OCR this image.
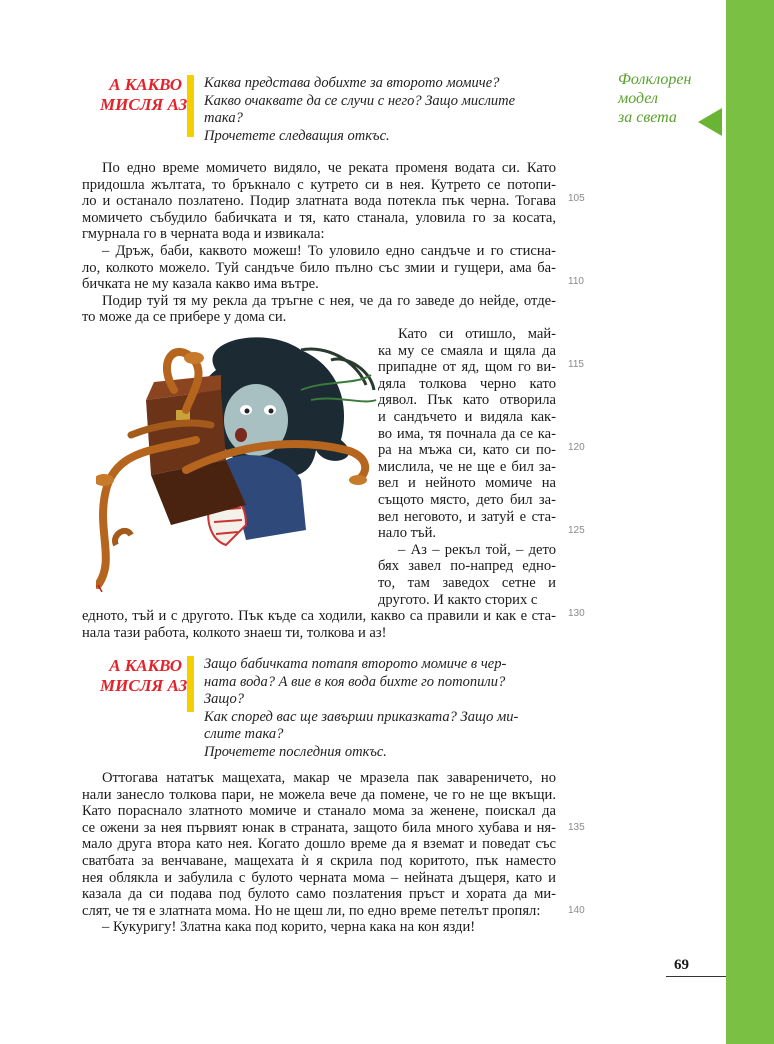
Фолклорен
модел
за света
А КАКВО
МИСЛЯ АЗ
Каква представа добихте за второто момиче?
Какво очаквате да се случи с него? Защо мислите
така?
Прочетете следващия откъс.
По едно време момичето видяло, че реката променя водата си. Като
придошла жълтата, то бръкнало с кутрето си в нея. Кутрето се потопи-
ло и останало позлатено. Подир златната вода потекла пък черна. Тогава
момичето събудило бабичката и тя, като станала, уловила го за косата,
гмурнала го в черната вода и извикала:
– Дръж, баби, каквото можеш! То уловило едно сандъче и го стисна-
ло, колкото можело. Туй сандъче било пълно със змии и гущери, ама ба-
бичката не му казала какво има вътре.
Подир туй тя му рекла да тръгне с нея, че да го заведе до нейде, отде-
то може да се прибере у дома си.
Като си отишло, май-
ка му се смаяла и щяла да
припадне от яд, щом го ви-
дяла толкова черно като
дявол. Пък като отворила
и сандъчето и видяла как-
во има, тя почнала да се ка-
ра на мъжа си, като си по-
мислила, че не ще е бил за-
вел и нейното момиче на
същото място, дето бил за-
вел неговото, и затуй е ста-
нало тъй.
– Аз – рекъл той, – дето
бях завел по-напред едно-
то, там заведох сетне и
другото. И както сторих с
едното, тъй и с другото. Пък къде са ходили, какво са правили и как е ста-
нала тази работа, колкото знаеш ти, толкова и аз!
А КАКВО
МИСЛЯ АЗ
Защо бабичката потапя второто момиче в чер-
ната вода? А вие в коя вода бихте го потопили?
Защо?
Как според вас ще завърши приказката? Защо ми-
слите така?
Прочетете последния откъс.
Оттогава нататък мащехата, макар че мразела пак завареничето, но
нали занесло толкова пари, не можела вече да помене, че го не щe вкъщи.
Като порасналo златното момиче и станало мома за женене, поискал да
се ожени за нея първият юнак в страната, защото била много хубава и ня-
мало друга втора като нея. Когато дошло време да я вземат и поведат със
сватбата за венчаване, мащехата ѝ я скрила под коритото, пък наместо
нея облякла и забулила с булото черната мома – нейната дъщеря, като и
казала да си подава под булото само позлатения пръст и хората да ми-
слят, че тя е златната мома. Но не щеш ли, по едно време петелът пропял:
– Кукуригу! Златна кака под корито, черна кака на кон язди!
105
110
115
120
125
130
135
140
69
